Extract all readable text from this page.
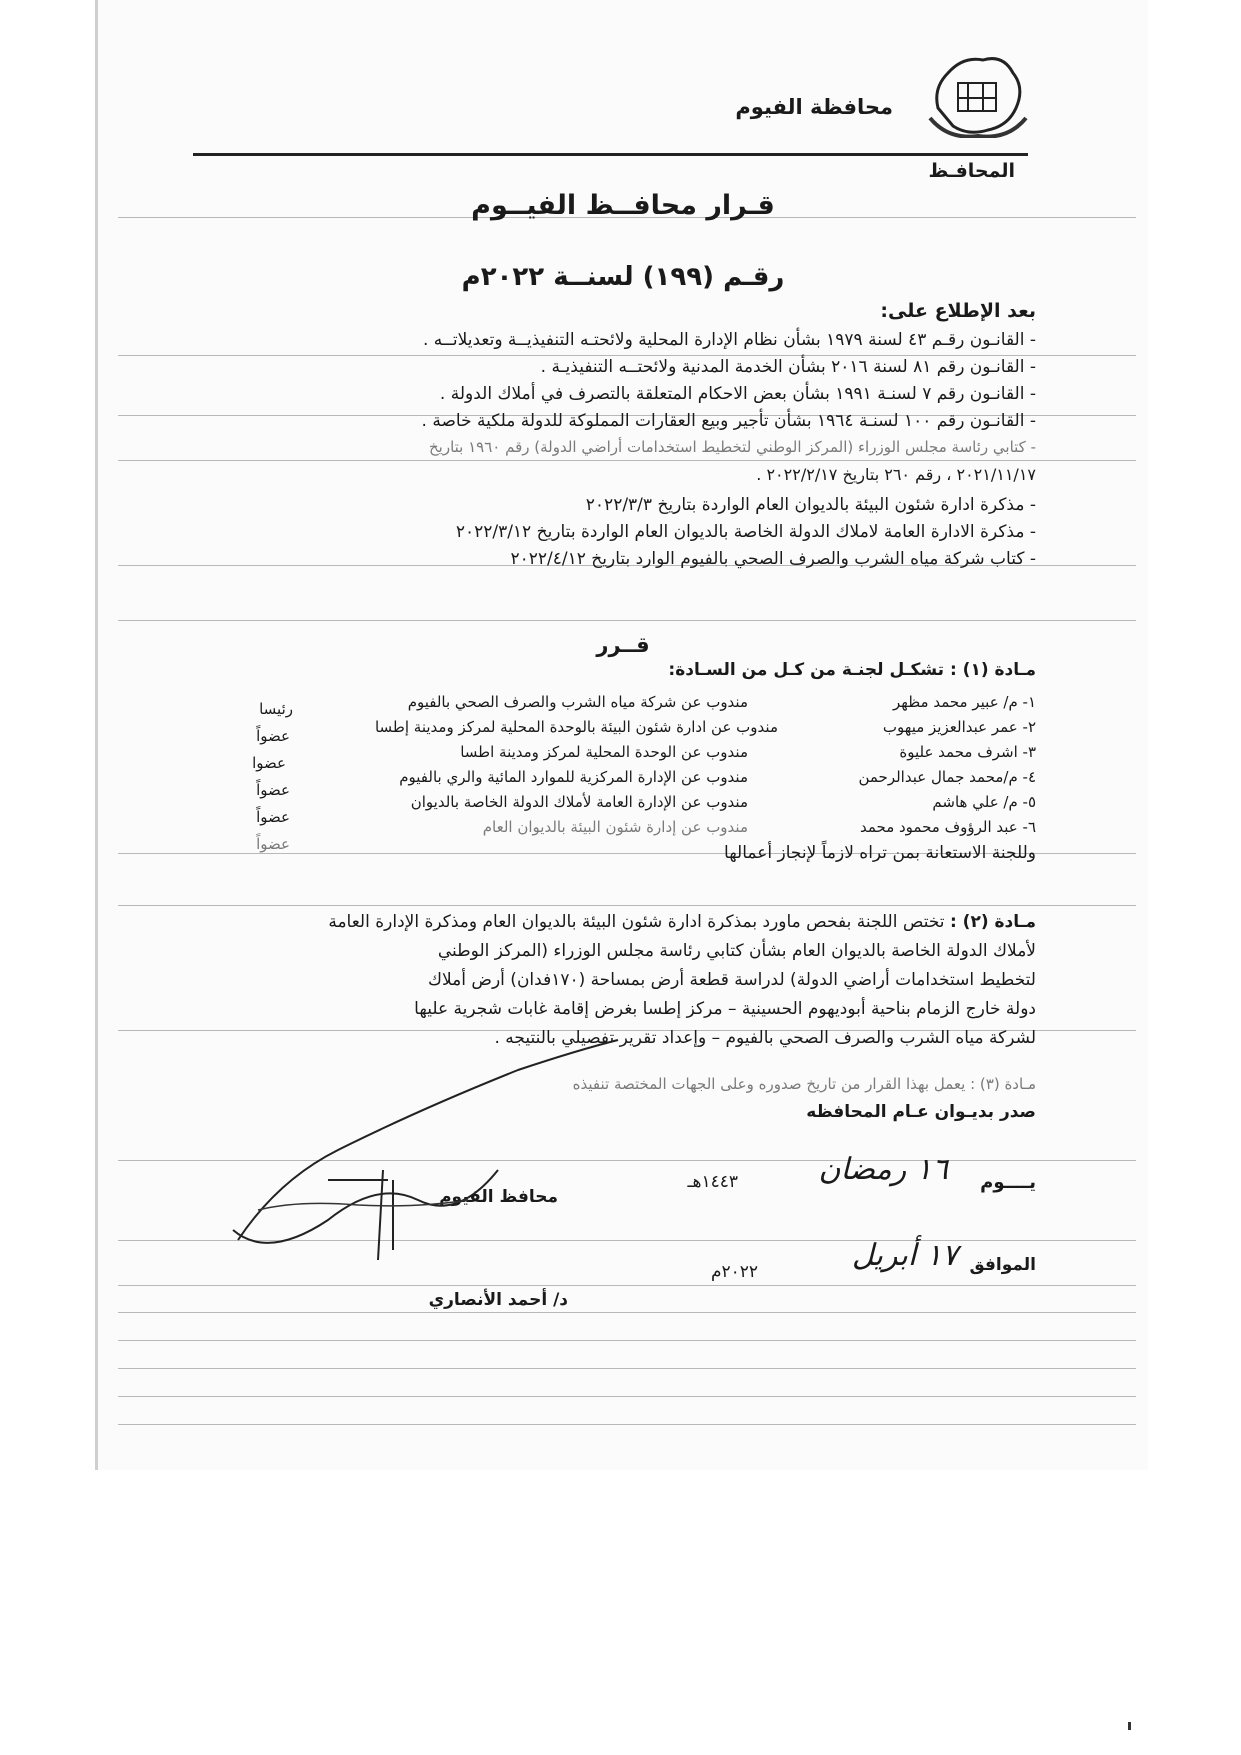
محافظة الفيوم
المحافـظ
قـرار محافــظ الفيــوم
رقـم (١٩٩) لسنــة ٢٠٢٢م
بعد الإطلاع على:
- القانـون رقـم ٤٣ لسنة ١٩٧٩ بشأن نظام الإدارة المحلية ولائحتـه التنفيذيــة وتعديلاتــه .
- القانـون رقم ٨١ لسنة ٢٠١٦ بشأن الخدمة المدنية ولائحتــه التنفيذيـة .
- القانـون رقم ٧ لسنـة ١٩٩١ بشأن بعض الاحكام المتعلقة بالتصرف في أملاك الدولة .
- القانـون رقم ١٠٠ لسنـة ١٩٦٤ بشأن تأجير وبيع العقارات المملوكة للدولة ملكية خاصة .
- كتابي رئاسة مجلس الوزراء (المركز الوطني لتخطيط استخدامات أراضي الدولة) رقم ١٩٦٠ بتاريخ
٢٠٢١/١١/١٧ ، رقم ٢٦٠ بتاريخ ٢٠٢٢/٢/١٧ .
- مذكرة ادارة شئون البيئة بالديوان العام الواردة بتاريخ ٢٠٢٢/٣/٣
- مذكرة الادارة العامة لاملاك الدولة الخاصة بالديوان العام الواردة بتاريخ ٢٠٢٢/٣/١٢
- كتاب شركة مياه الشرب والصرف الصحي بالفيوم الوارد بتاريخ ٢٠٢٢/٤/١٢
قــرر
مـادة (١) : تشكـل لجنـة من كـل من السـادة:
١- م/ عبير محمد مظهر
مندوب عن شركة مياه الشرب والصرف الصحي بالفيوم
رئيسا
٢- عمر عبدالعزيز ميهوب
مندوب عن ادارة شئون البيئة بالوحدة المحلية لمركز ومدينة إطسا
عضواً
٣- اشرف محمد عليوة
مندوب عن الوحدة المحلية لمركز ومدينة اطسا
عضوا
٤- م/محمد جمال عبدالرحمن
مندوب عن الإدارة المركزية للموارد المائية والري بالفيوم
عضواً
٥- م/ علي هاشم
مندوب عن الإدارة العامة لأملاك الدولة الخاصة بالديوان
عضواً
٦- عبد الرؤوف محمود محمد
مندوب عن إدارة شئون البيئة بالديوان العام
عضواً	وللجنة الاستعانة بمن تراه لازماً لإنجاز أعمالها
مـادة (٢) : تختص اللجنة بفحص ماورد بمذكرة ادارة شئون البيئة بالديوان العام ومذكرة الإدارة العامة
لأملاك الدولة الخاصة بالديوان العام بشأن كتابي رئاسة مجلس الوزراء (المركز الوطني
لتخطيط استخدامات أراضي الدولة) لدراسة قطعة أرض بمساحة (١٧٠فدان) أرض أملاك
دولة خارج الزمام بناحية أبوديهوم الحسينية – مركز إطسا بغرض إقامة غابات شجرية عليها
لشركة مياه الشرب والصرف الصحي بالفيوم – وإعداد تقرير تفصيلي بالنتيجه .
مـادة (٣) : يعمل بهذا القرار من تاريخ صدوره وعلى الجهات المختصة تنفيذه
صدر بديـوان عـام المحافظه
يــــوم
١٦ رمضان
١٤٤٣هـ
الموافق
١٧ أبريل
٢٠٢٢م
محافظ الفيوم
د/ أحمد الأنصاري
